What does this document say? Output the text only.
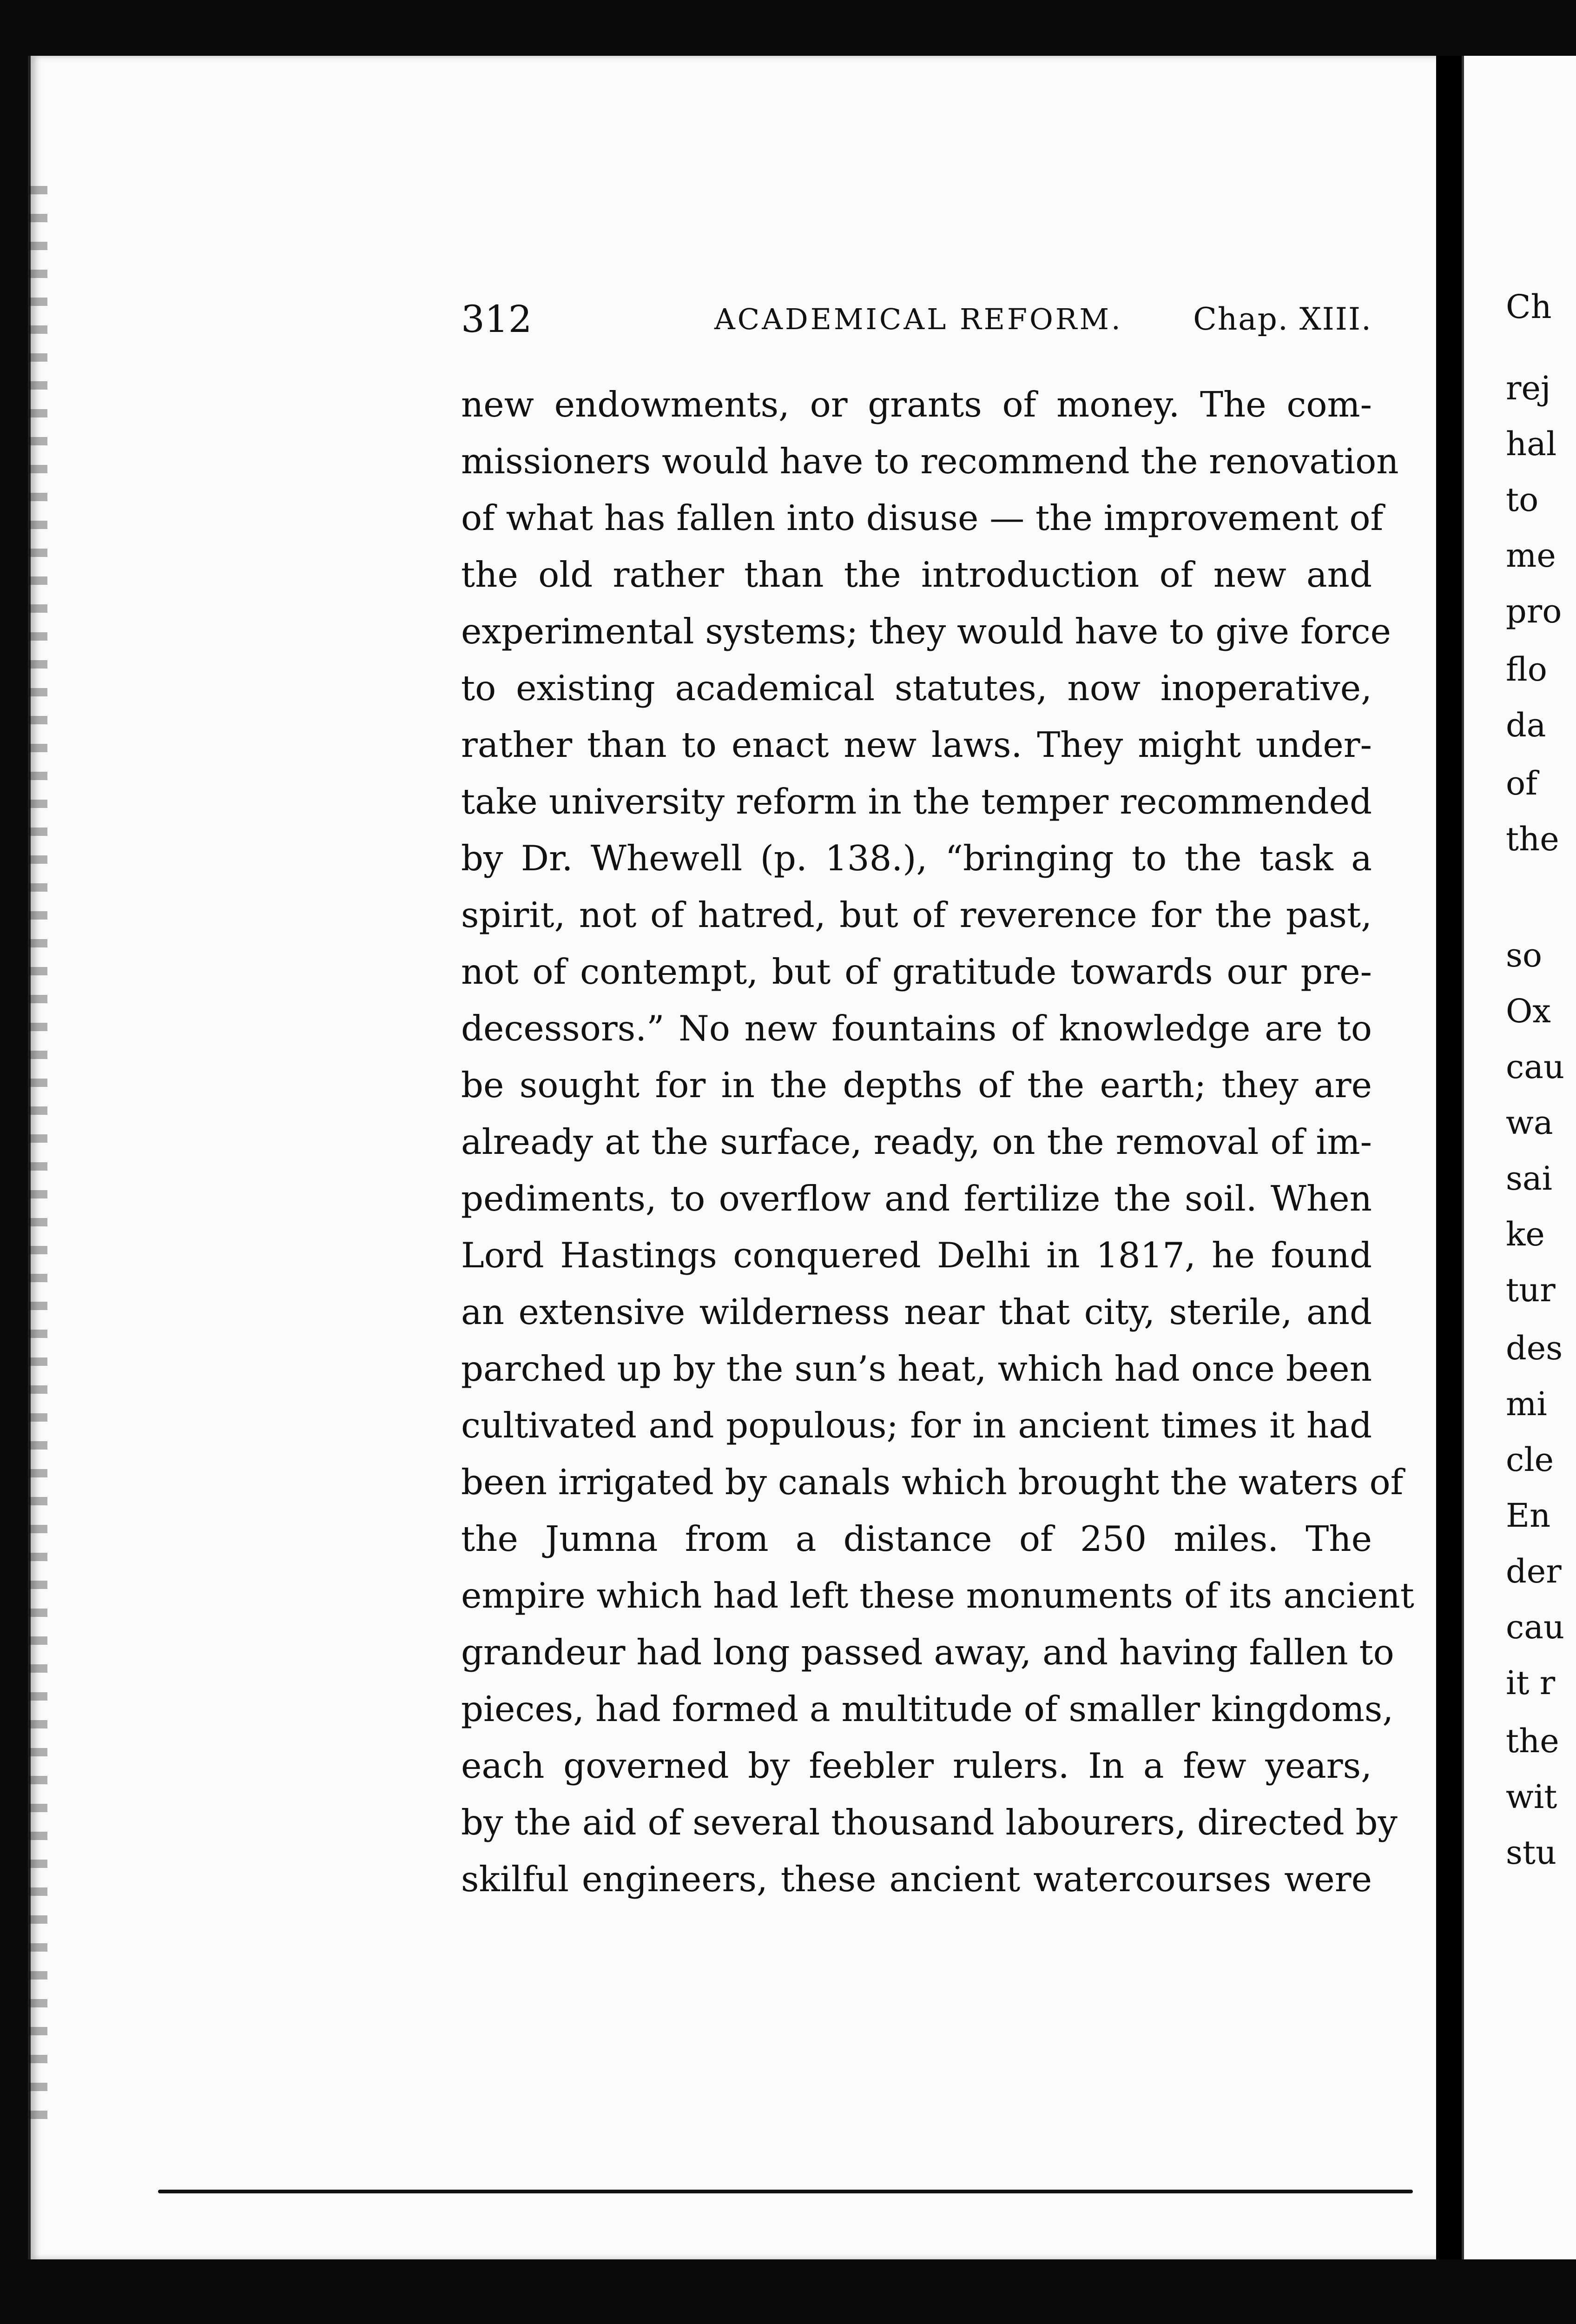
312	ACADEMICAL REFORM. Chap. XIII.
new endowments, or grants of money. The com-
missioners would have to recommend the renovation
of what has fallen into disuse — the improvement of
the old rather than the introduction of new and
experimental systems; they would have to give force
to existing academical statutes, now inoperative,
rather than to enact new laws. They might under-
take university reform in the temper recommended
by Dr. Whewell (p. 138.), “bringing to the task a
spirit, not of hatred, but of reverence for the past,
not of contempt, but of gratitude towards our pre-
decessors.” No new fountains of knowledge are to
be sought for in the depths of the earth; they are
already at the surface, ready, on the removal of im-
pediments, to overflow and fertilize the soil. When
Lord Hastings conquered Delhi in 1817, he found
an extensive wilderness near that city, sterile, and
parched up by the sun’s heat, which had once been
cultivated and populous; for in ancient times it had
been irrigated by canals which brought the waters of
the Jumna from a distance of 250 miles. The
empire which had left these monuments of its ancient
grandeur had long passed away, and having fallen to
pieces, had formed a multitude of smaller kingdoms,
each governed by feebler rulers. In a few years,
by the aid of several thousand labourers, directed by
skilful engineers, these ancient watercourses were
Ch
rej
hal
to
me
pro
flo
da
of
the
so
Ox
cau
wa
sai
ke
tur
des
mi
cle
En
der
cau
it r
the
wit
stu
